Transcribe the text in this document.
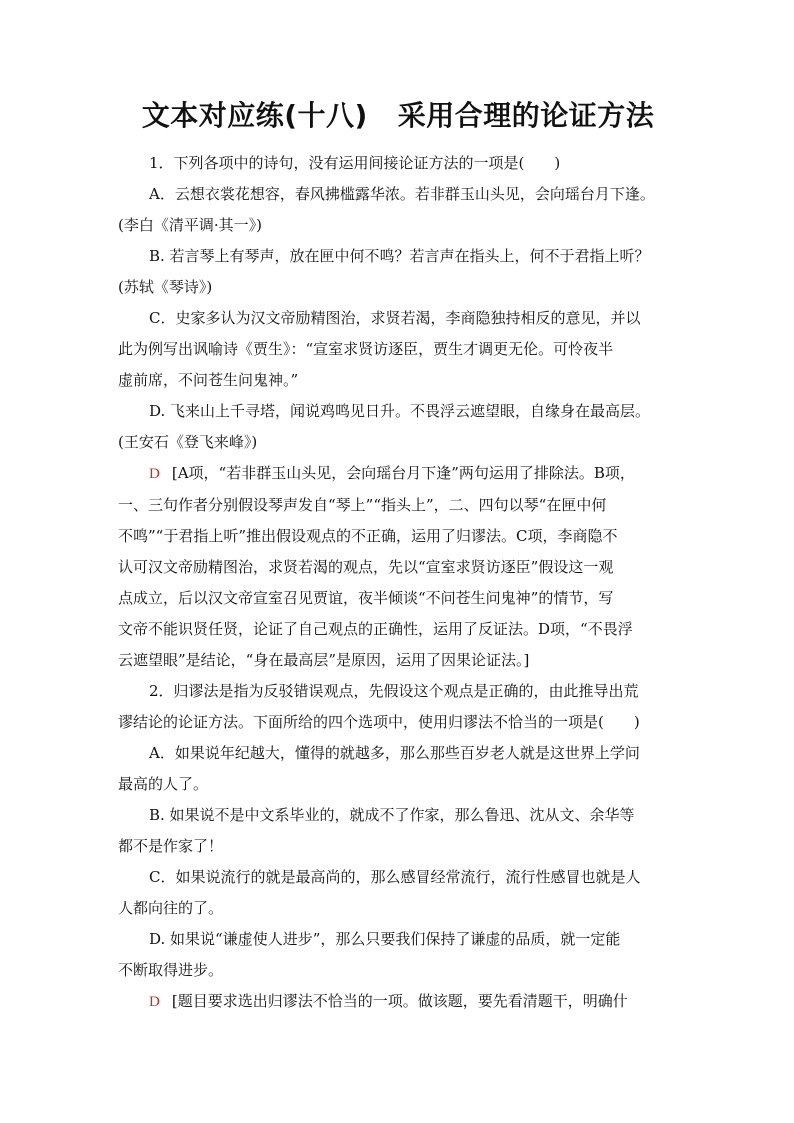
文本对应练(十八) 采用合理的论证方法

1．下列各项中的诗句，没有运用间接论证方法的一项是(　　)

A．云想衣裳花想容，春风拂槛露华浓。若非群玉山头见，会向瑶台月下逢。

(李白《清平调·其一》)

B. 若言琴上有琴声，放在匣中何不鸣？若言声在指头上，何不于君指上听？

(苏轼《琴诗》)

C．史家多认为汉文帝励精图治，求贤若渴，李商隐独持相反的意见，并以

此为例写出讽喻诗《贾生》：“宣室求贤访逐臣，贾生才调更无伦。可怜夜半

虚前席，不问苍生问鬼神。”

D. 飞来山上千寻塔，闻说鸡鸣见日升。不畏浮云遮望眼，自缘身在最高层。

(王安石《登飞来峰》)

D [A项，“若非群玉山头见，会向瑶台月下逢”两句运用了排除法。B项，

一、三句作者分别假设琴声发自“琴上”“指头上”，二、四句以琴“在匣中何

不鸣”“于君指上听”推出假设观点的不正确，运用了归谬法。C项，李商隐不

认可汉文帝励精图治，求贤若渴的观点，先以“宣室求贤访逐臣”假设这一观

点成立，后以汉文帝宣室召见贾谊，夜半倾谈“不问苍生问鬼神”的情节，写

文帝不能识贤任贤，论证了自己观点的正确性，运用了反证法。D项，“不畏浮

云遮望眼”是结论，“身在最高层”是原因，运用了因果论证法。]

2．归谬法是指为反驳错误观点，先假设这个观点是正确的，由此推导出荒

谬结论的论证方法。下面所给的四个选项中，使用归谬法不恰当的一项是(　　)

A．如果说年纪越大，懂得的就越多，那么那些百岁老人就是这世界上学问

最高的人了。

B. 如果说不是中文系毕业的，就成不了作家，那么鲁迅、沈从文、余华等

都不是作家了！

C．如果说流行的就是最高尚的，那么感冒经常流行，流行性感冒也就是人

人都向往的了。

D. 如果说“谦虚使人进步”，那么只要我们保持了谦虚的品质，就一定能

不断取得进步。

D [题目要求选出归谬法不恰当的一项。做该题，要先看清题干，明确什
